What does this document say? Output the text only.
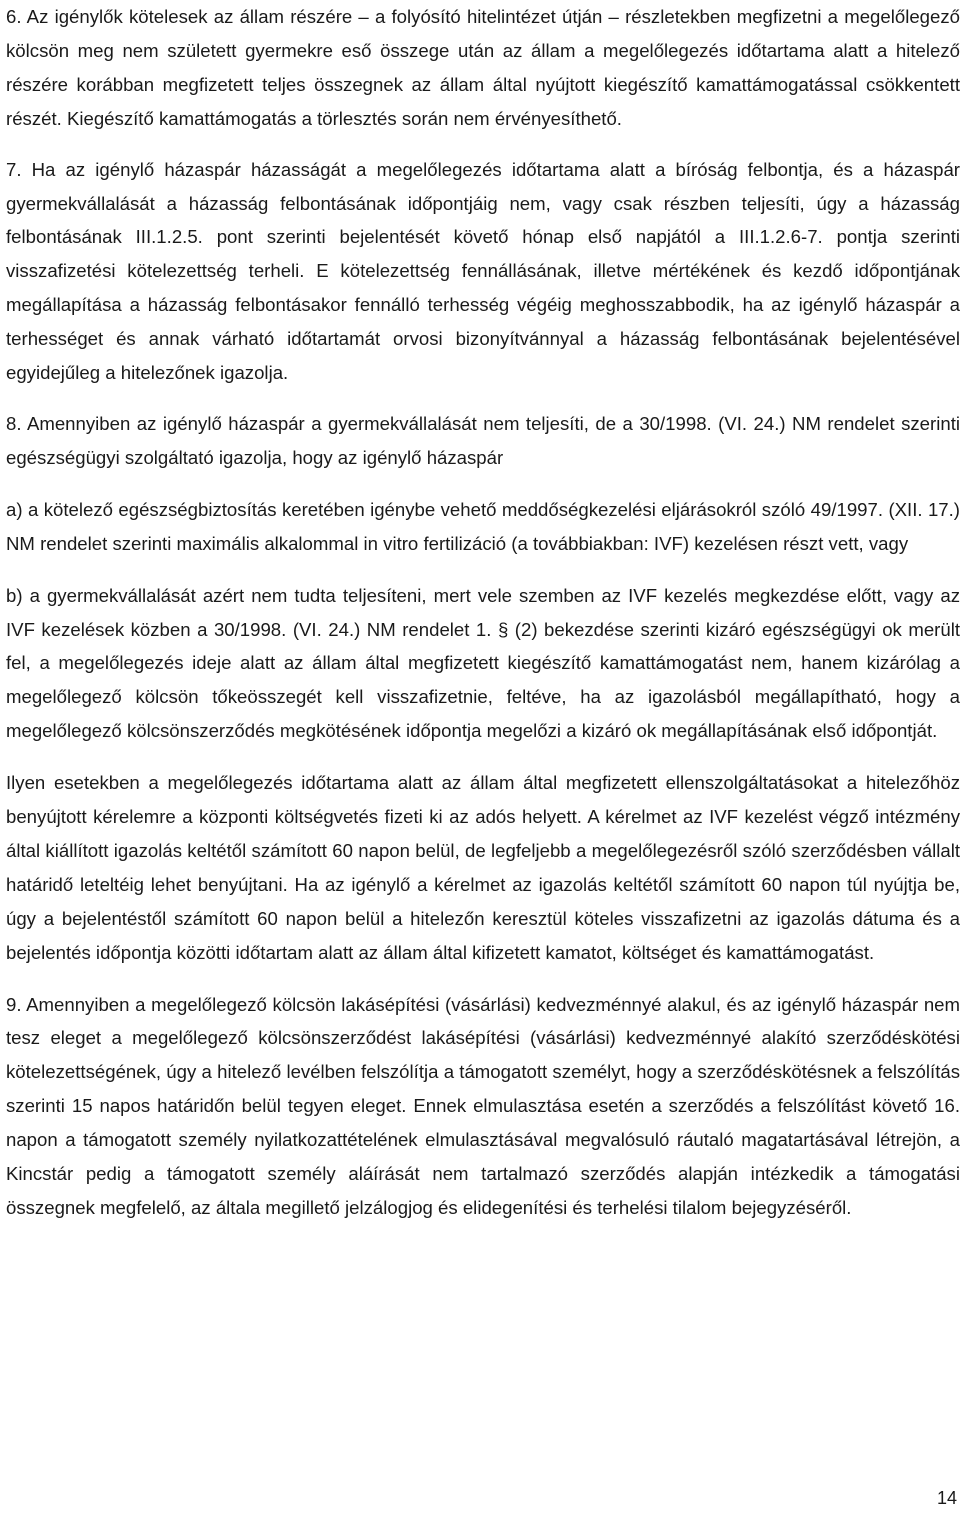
6. Az igénylők kötelesek az állam részére – a folyósító hitelintézet útján – részletekben megfizetni a megelőlegező kölcsön meg nem született gyermekre eső összege után az állam a megelőlegezés időtartama alatt a hitelező részére korábban megfizetett teljes összegnek az állam által nyújtott kiegészítő kamattámogatással csökkentett részét. Kiegészítő kamattámogatás a törlesztés során nem érvényesíthető.

7. Ha az igénylő házaspár házasságát a megelőlegezés időtartama alatt a bíróság felbontja, és a házaspár gyermekvállalását a házasság felbontásának időpontjáig nem, vagy csak részben teljesíti, úgy a házasság felbontásának III.1.2.5. pont szerinti bejelentését követő hónap első napjától a III.1.2.6-7. pontja szerinti visszafizetési kötelezettség terheli. E kötelezettség fennállásának, illetve mértékének és kezdő időpontjának megállapítása a házasság felbontásakor fennálló terhesség végéig meghosszabbodik, ha az igénylő házaspár a terhességet és annak várható időtartamát orvosi bizonyítvánnyal a házasság felbontásának bejelentésével egyidejűleg a hitelezőnek igazolja.

8. Amennyiben az igénylő házaspár a gyermekvállalását nem teljesíti, de a 30/1998. (VI. 24.) NM rendelet szerinti egészségügyi szolgáltató igazolja, hogy az igénylő házaspár

a) a kötelező egészségbiztosítás keretében igénybe vehető meddőségkezelési eljárásokról szóló 49/1997. (XII. 17.) NM rendelet szerinti maximális alkalommal in vitro fertilizáció (a továbbiakban: IVF) kezelésen részt vett, vagy

b) a gyermekvállalását azért nem tudta teljesíteni, mert vele szemben az IVF kezelés megkezdése előtt, vagy az IVF kezelések közben a 30/1998. (VI. 24.) NM rendelet 1. § (2) bekezdése szerinti kizáró egészségügyi ok merült fel, a megelőlegezés ideje alatt az állam által megfizetett kiegészítő kamattámogatást nem, hanem kizárólag a megelőlegező kölcsön tőkeösszegét kell visszafizetnie, feltéve, ha az igazolásból megállapítható, hogy a megelőlegező kölcsönszerződés megkötésének időpontja megelőzi a kizáró ok megállapításának első időpontját.

Ilyen esetekben a megelőlegezés időtartama alatt az állam által megfizetett ellenszolgáltatásokat a hitelezőhöz benyújtott kérelemre a központi költségvetés fizeti ki az adós helyett. A kérelmet az IVF kezelést végző intézmény által kiállított igazolás keltétől számított 60 napon belül, de legfeljebb a megelőlegezésről szóló szerződésben vállalt határidő leteltéig lehet benyújtani. Ha az igénylő a kérelmet az igazolás keltétől számított 60 napon túl nyújtja be, úgy a bejelentéstől számított 60 napon belül a hitelezőn keresztül köteles visszafizetni az igazolás dátuma és a bejelentés időpontja közötti időtartam alatt az állam által kifizetett kamatot, költséget és kamattámogatást.

9. Amennyiben a megelőlegező kölcsön lakásépítési (vásárlási) kedvezménnyé alakul, és az igénylő házaspár nem tesz eleget a megelőlegező kölcsönszerződést lakásépítési (vásárlási) kedvezménnyé alakító szerződéskötési kötelezettségének, úgy a hitelező levélben felszólítja a támogatott személyt, hogy a szerződéskötésnek a felszólítás szerinti 15 napos határidőn belül tegyen eleget. Ennek elmulasztása esetén a szerződés a felszólítást követő 16. napon a támogatott személy nyilatkozattételének elmulasztásával megvalósuló ráutaló magatartásával létrejön, a Kincstár pedig a támogatott személy aláírását nem tartalmazó szerződés alapján intézkedik a támogatási összegnek megfelelő, az általa megillető jelzálogjog és elidegenítési és terhelési tilalom bejegyzéséről.

14
